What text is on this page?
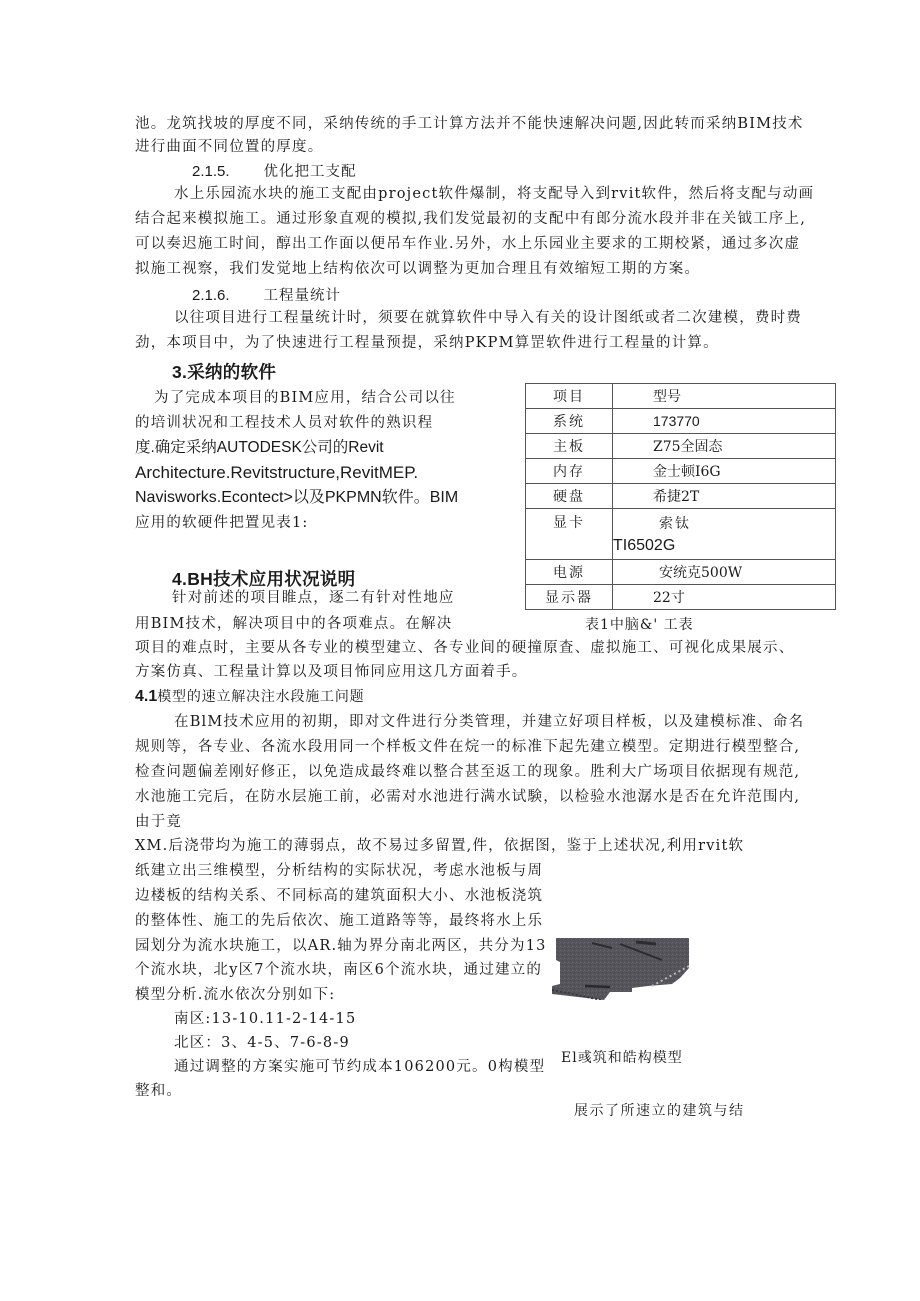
池。龙筑找坡的厚度不同，采纳传统的手工计算方法并不能快速解决问题,因此转而采纳BIM技术
进行曲面不同位置的厚度。
2.1.5. 优化把工支配
水上乐园流水块的施工支配由project软件爆制，将支配导入到rvit软件，然后将支配与动画
结合起来模拟施工。通过形象直观的模拟,我们发觉最初的支配中有郎分流水段并非在关钺工序上,
可以奏迟施工时间，醇出工作面以便吊车作业.另外，水上乐园业主要求的工期校紧，通过多次虚
拟施工视察，我们发觉地上结构依次可以调整为更加合理且有效缩短工期的方案。
2.1.6. 工程量统计
以往项目进行工程量统计时，须要在就算软件中导入有关的设计图纸或者二次建模，费时费
劲，本项目中，为了快速进行工程量预提，采纳PKPM算罡软件进行工程量的计算。
3.采纳的软件
为了完成本项目的BIM应用，结合公司以往
的培训状况和工程技术人员对软件的熟识程
度.确定采纳AUTODESK公司的Revit
Architecture.Revitstructure,RevitMEP.
Navisworks.Econtect>以及PKPMN软件。BIM
应用的软硬件把置见表1:
项目	型号
系统	173770
主板	Z75全固态
内存	金士顿I6G
硬盘	希捷2T
显卡	索钛
TI6502G

电源	安统克500W
显示器	22寸
表1中脑&' 工表
4.BH技术应用状况说明
针对前述的项目睢点，逐二有针对性地应
用BIM技术，解决项目中的各项难点。在解决
项目的难点时，主要从各专业的模型建立、各专业间的硬撞原査、虚拟施工、可视化成果展示、
方案仿真、工程量计算以及项目怖同应用这几方面着手。
4.1模型的速立解决注水段施工问题
在BlM技术应用的初期，即对文件进行分类管理，并建立好项目样板，以及建模标准、命名
规则等，各专业、各流水段用同一个样板文件在烷一的标准下起先建立模型。定期进行模型整合,
检查问题偏差刚好修正，以免造成最终难以整合甚至返工的现象。胜利大广场项目依据现有规范,
水池施工完后，在防水层施工前，必需对水池进行满水试験，以检验水池潺水是否在允许范围内,
由于竟
XM.后浇带均为施工的薄弱点，故不易过多留置,件，依据图，鉴于上述状况,利用rvit软
纸建立出三维模型，分析结构的实际状况，考虑水池板与周
边楼板的结构关系、不同标高的建筑面积大小、水池板浇筑
的整体性、施工的先后依次、施工道路等等，最终将水上乐
园划分为流水块施工，以AR.轴为界分南北两区，共分为13
个流水块，北y区7个流水块，南区6个流水块，通过建立的
模型分析.流水依次分别如下:
南区:13-10.11-2-14-15
北区：3、4-5、7-6-8-9
通过调整的方案实施可节约成本106200元。0构模型
整和。
El彧筑和皓构模型
展示了所速立的建筑与结
